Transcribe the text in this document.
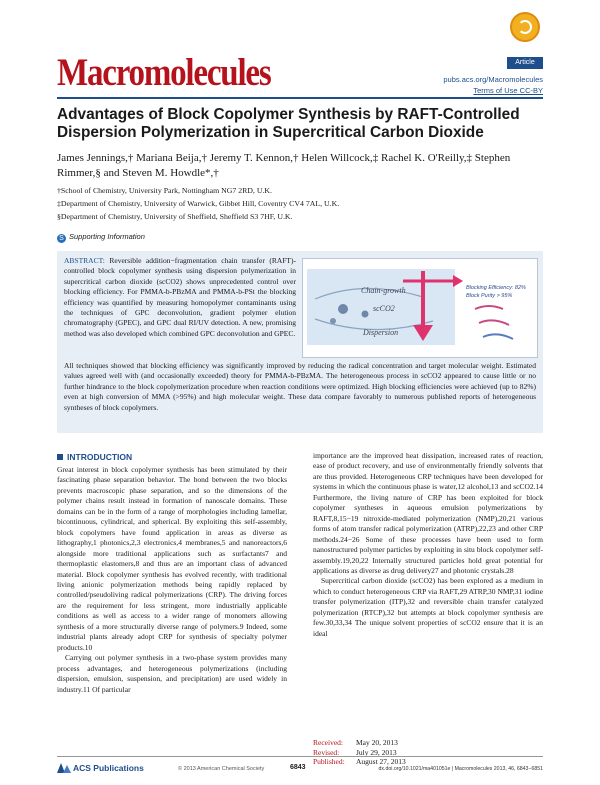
Macromolecules	Article
pubs.acs.org/Macromolecules
Terms of Use CC-BY
Advantages of Block Copolymer Synthesis by RAFT-Controlled Dispersion Polymerization in Supercritical Carbon Dioxide
James Jennings,† Mariana Beija,† Jeremy T. Kennon,† Helen Willcock,‡ Rachel K. O'Reilly,‡ Stephen Rimmer,§ and Steven M. Howdle*,†
†School of Chemistry, University Park, Nottingham NG7 2RD, U.K.
‡Department of Chemistry, University of Warwick, Gibbet Hill, Coventry CV4 7AL, U.K.
§Department of Chemistry, University of Sheffield, Sheffield S3 7HF, U.K.
S Supporting Information
ABSTRACT: Reversible addition−fragmentation chain transfer (RAFT)-controlled block copolymer synthesis using dispersion polymerization in supercritical carbon dioxide (scCO2) shows unprecedented control over blocking efficiency. For PMMA-b-PBzMA and PMMA-b-PSt the blocking efficiency was quantified by measuring homopolymer contaminants using the techniques of GPC deconvolution, gradient polymer elution chromatography (GPEC), and GPC dual RI/UV detection. A new, promising method was also developed which combined GPC deconvolution and GPEC.
All techniques showed that blocking efficiency was significantly improved by reducing the radical concentration and target molecular weight. Estimated values agreed well with (and occasionally exceeded) theory for PMMA-b-PBzMA. The heterogeneous process in scCO2 appeared to cause little or no further hindrance to the block copolymerization procedure when reaction conditions were optimized. High blocking efficiencies were achieved (up to 82%) even at high conversion of MMA (>95%) and high molecular weight. These data compare favorably to numerous published reports of heterogeneous syntheses of block copolymers.
Chain-growth
scCO2
Dispersion
Blocking Efficiency: 82%
Block Purity > 95%
INTRODUCTION

Great interest in block copolymer synthesis has been stimulated by their fascinating phase separation behavior. The bond between the two blocks prevents macroscopic phase separation, and so the dimensions of the polymer chains result instead in formation of nanoscale domains. These domains can be in the form of a range of morphologies including lamellar, bicontinuous, cylindrical, and spherical. By exploiting this self-assembly, block copolymers have found application in areas as diverse as lithography,1 photonics,2,3 electronics,4 membranes,5 and nanoreactors,6 alongside more traditional applications such as surfactants7 and thermoplastic elastomers,8 and thus are an important class of advanced material. Block copolymer synthesis has evolved recently, with traditional living anionic polymerization methods being rapidly replaced by controlled/pseudoliving radical polymerizations (CRP). The driving forces are the requirement for less stringent, more industrially applicable conditions as well as access to a wider range of monomers allowing synthesis of a more structurally diverse range of polymers.9 Indeed, some industrial plants already adopt CRP for synthesis of specialty polymer products.10

Carrying out polymer synthesis in a two-phase system provides many process advantages, and heterogeneous polymerizations (including dispersion, emulsion, suspension, and precipitation) are used widely in industry.11 Of particular

importance are the improved heat dissipation, increased rates of reaction, ease of product recovery, and use of environmentally friendly solvents that are thus provided. Heterogeneous CRP techniques have been developed for systems in which the continuous phase is water,12 alcohol,13 and scCO2.14 Furthermore, the living nature of CRP has been exploited for block copolymer syntheses in aqueous emulsion polymerizations by RAFT,8,15−19 nitroxide-mediated polymerization (NMP),20,21 various forms of atom transfer radical polymerization (ATRP),22,23 and other CRP methods.24−26 Some of these processes have been used to form nanostructured polymer particles by exploiting in situ block copolymer self-assembly.19,20,22 Internally structured particles hold great potential for applications as diverse as drug delivery27 and photonic crystals.28

Supercritical carbon dioxide (scCO2) has been explored as a medium in which to conduct heterogeneous CRP via RAFT,29 ATRP,30 NMP,31 iodine transfer polymerization (ITP),32 and reversible chain transfer catalyzed polymerization (RTCP),32 but attempts at block copolymer synthesis are few.30,33,34 The unique solvent properties of scCO2 ensure that it is an ideal

Received: May 20, 2013
Revised: July 29, 2013
Published: August 27, 2013
ACS Publications	© 2013 American Chemical Society	6843	dx.doi.org/10.1021/ma401051e | Macromolecules 2013, 46, 6843−6851
